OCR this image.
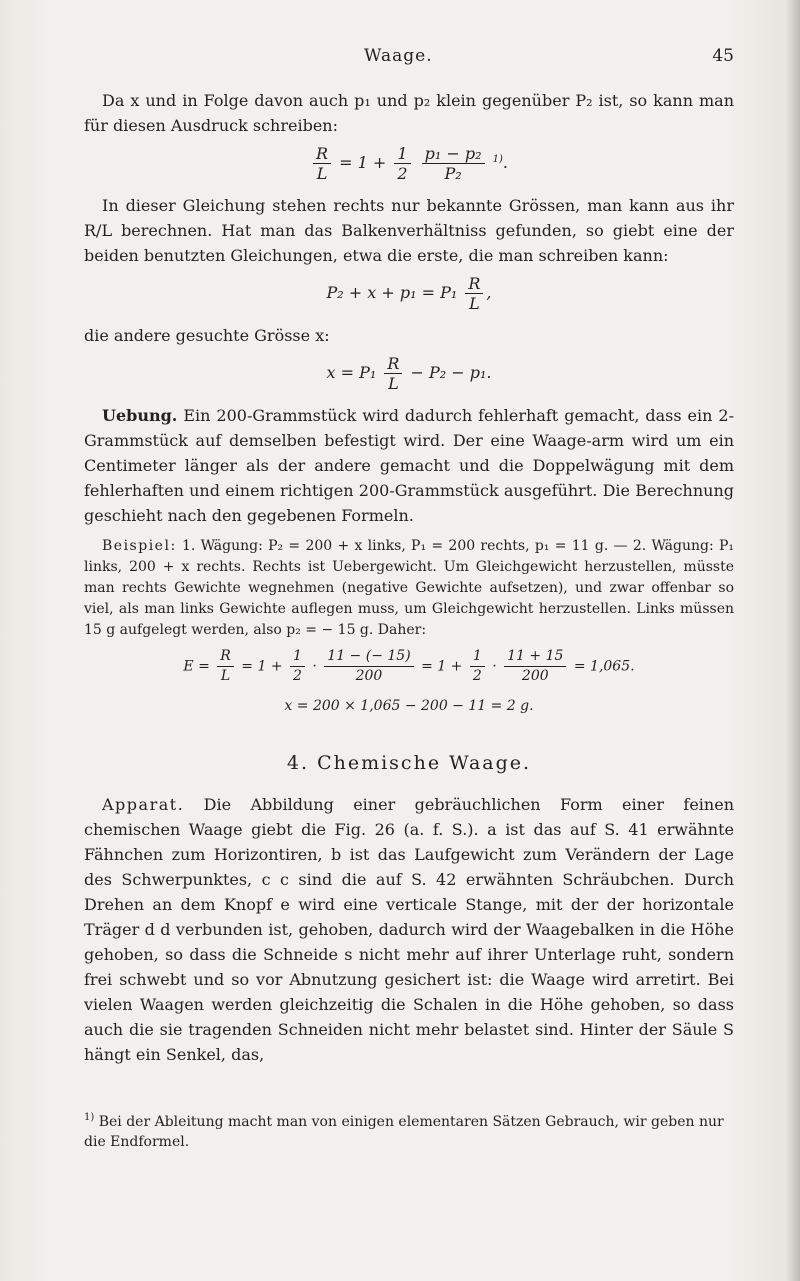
Waage.	45

Da x und in Folge davon auch p₁ und p₂ klein gegenüber P₂ ist, so kann man für diesen Ausdruck schreiben:

$\frac{R}{L} = 1 + \frac{1}{2}$
$\frac{\text{p₁ − p₂}}{\text{P₂}} ^{1)}$.

In dieser Gleichung stehen rechts nur bekannte Grössen, man kann aus ihr R/L berechnen. Hat man das Balkenverhältniss gefunden, so giebt eine der beiden benutzten Gleichungen, etwa die erste, die man schreiben kann:

$P_2 + x + p_1 = P_1 \frac{R}{L}$ ,

die andere gesuchte Grösse x:

$x = P_1 \frac{R}{L} - P_2 - p_1$.

Uebung. Ein 200-Grammstück wird dadurch fehlerhaft gemacht, dass ein 2-Grammstück auf demselben befestigt wird. Der eine Waage-arm wird um ein Centimeter länger als der andere gemacht und die Doppelwägung mit dem fehlerhaften und einem richtigen 200-Grammstück ausgeführt. Die Berechnung geschieht nach den gegebenen Formeln.

Beispiel: 1. Wägung: P₂ = 200 + x links, P₁ = 200 rechts, p₁ = 11 g. — 2. Wägung: P₁ links, 200 + x rechts. Rechts ist Uebergewicht. Um Gleichgewicht herzustellen, müsste man rechts Gewichte wegnehmen (negative Gewichte aufsetzen), und zwar offenbar so viel, als man links Gewichte auflegen muss, um Gleichgewicht herzustellen. Links müssen 15 g aufgelegt werden, also p₂ = − 15 g. Daher:

$E = \frac{R}{L} = 1 + \frac{1}{2} \cdot \frac{11 - (- 15)}{200} = 1 + \frac{1}{2} \cdot \frac{11 + 15}{200} = 1,065$.
x = 200 × 1,065 − 200 − 11 = 2 g.
4. Chemische Waage.

Apparat. Die Abbildung einer gebräuchlichen Form einer feinen chemischen Waage giebt die Fig. 26 (a. f. S.). a ist das auf S. 41 erwähnte Fähnchen zum Horizontiren, b ist das Laufgewicht zum Verändern der Lage des Schwerpunktes, c c sind die auf S. 42 erwähnten Schräubchen. Durch Drehen an dem Knopf e wird eine verticale Stange, mit der der horizontale Träger d d verbunden ist, gehoben, dadurch wird der Waagebalken in die Höhe gehoben, so dass die Schneide s nicht mehr auf ihrer Unterlage ruht, sondern frei schwebt und so vor Abnutzung gesichert ist: die Waage wird arretirt. Bei vielen Waagen werden gleichzeitig die Schalen in die Höhe gehoben, so dass auch die sie tragenden Schneiden nicht mehr belastet sind. Hinter der Säule S hängt ein Senkel, das,

$^{1)}$ Bei der Ableitung macht man von einigen elementaren Sätzen Gebrauch, wir geben nur die Endformel.
